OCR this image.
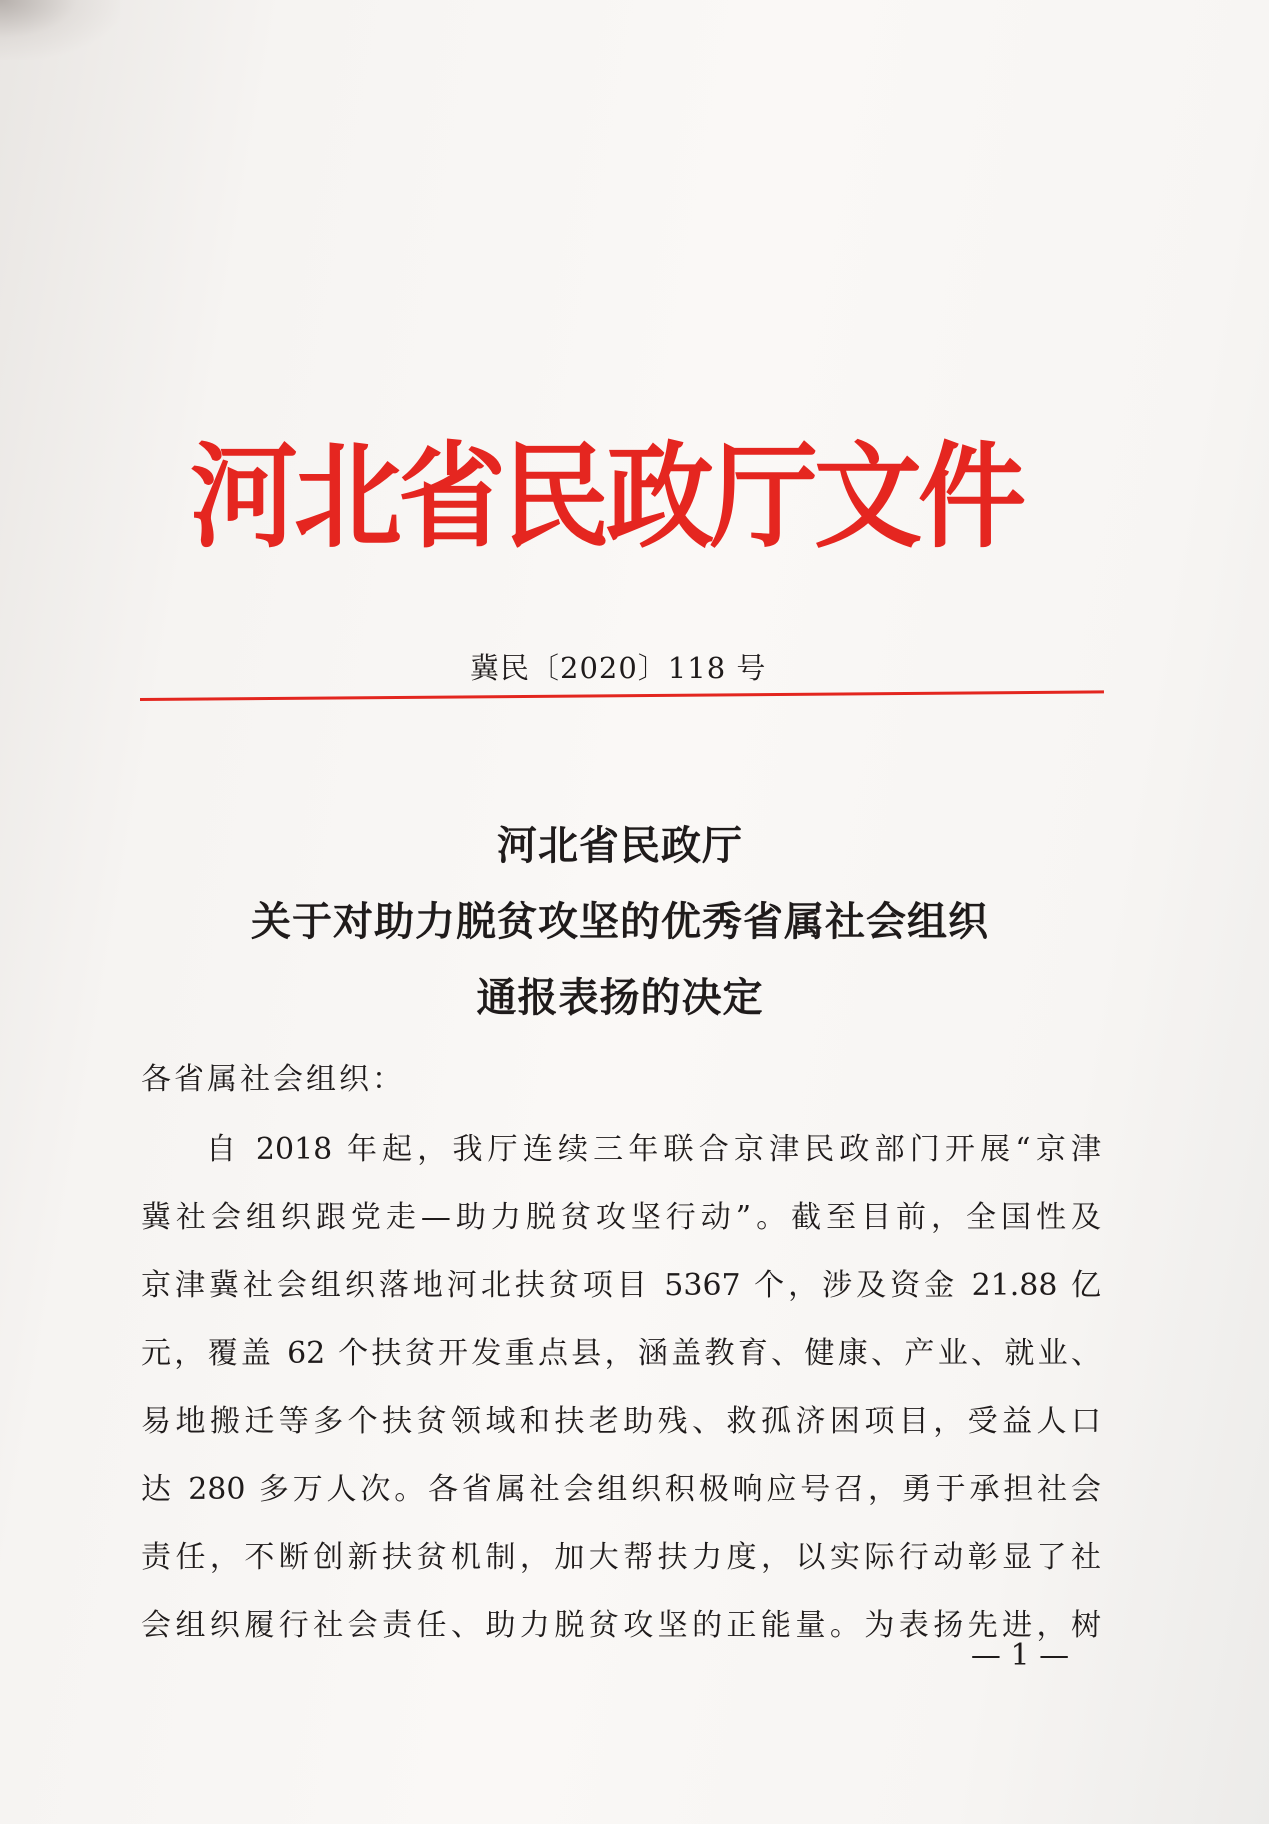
河北省民政厅文件
冀民〔2020〕118 号
河北省民政厅
关于对助力脱贫攻坚的优秀省属社会组织
通报表扬的决定
各省属社会组织：
自 2018 年起，我厅连续三年联合京津民政部门开展“京津
冀社会组织跟党走—助力脱贫攻坚行动”。截至目前，全国性及
京津冀社会组织落地河北扶贫项目 5367 个，涉及资金 21.88 亿
元，覆盖 62 个扶贫开发重点县，涵盖教育、健康、产业、就业、
易地搬迁等多个扶贫领域和扶老助残、救孤济困项目，受益人口
达 280 多万人次。各省属社会组织积极响应号召，勇于承担社会
责任，不断创新扶贫机制，加大帮扶力度，以实际行动彰显了社
会组织履行社会责任、助力脱贫攻坚的正能量。为表扬先进，树
— 1 —
